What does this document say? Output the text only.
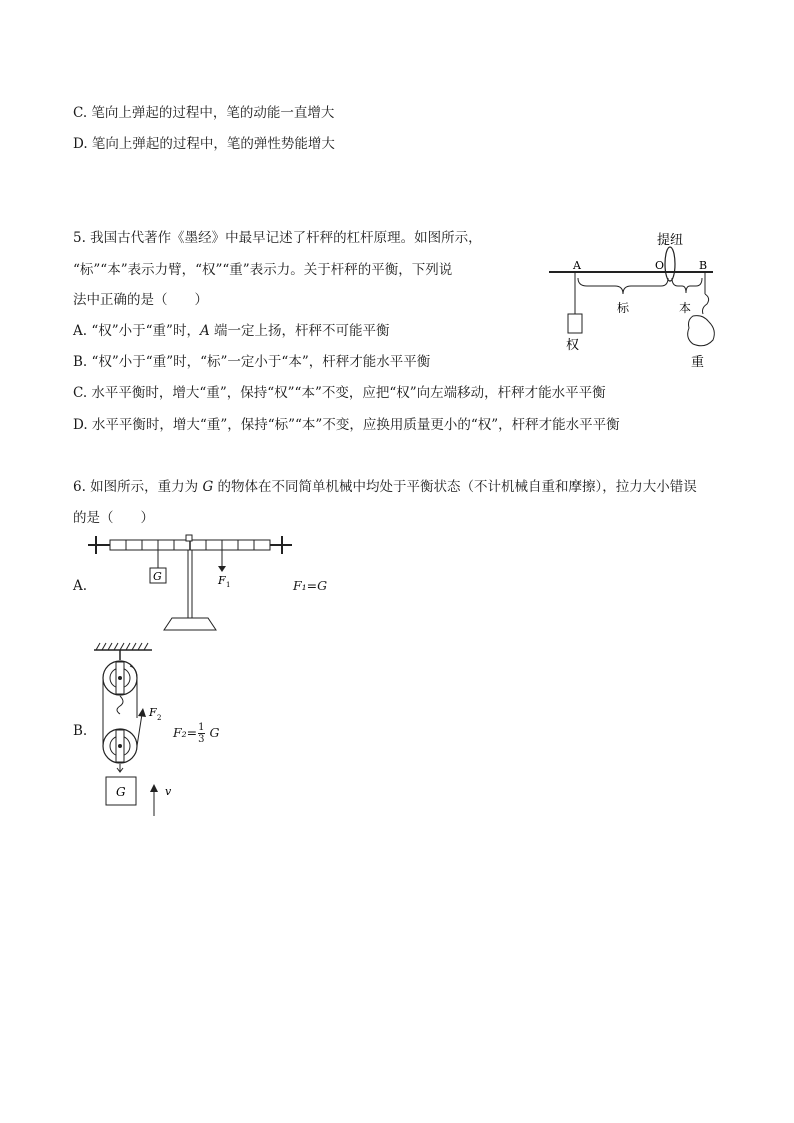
C. 笔向上弹起的过程中，笔的动能一直增大
D. 笔向上弹起的过程中，笔的弹性势能增大
5. 我国古代著作《墨经》中最早记述了杆秤的杠杆原理。如图所示，
“标”“本”表示力臂，“权”“重”表示力。关于杆秤的平衡，下列说
法中正确的是（　　）
A. “权”小于“重”时，A 端一定上扬，杆秤不可能平衡
B. “权”小于“重”时，“标”一定小于“本”，杆秤才能水平平衡
C. 水平平衡时，增大“重”，保持“权”“本”不变，应把“权”向左端移动，杆秤才能水平平衡
D. 水平平衡时，增大“重”，保持“标”“本”不变，应换用质量更小的“权”，杆秤才能水平平衡
提纽
A	O	B
权
标	本
重
6. 如图所示，重力为 G 的物体在不同简单机械中均处于平衡状态（不计机械自重和摩擦），拉力大小错误
的是（　　）
A.
G	F 1	F₁=G
B.
F 2
G	v
$F_2= \frac{1}{3}$ G
